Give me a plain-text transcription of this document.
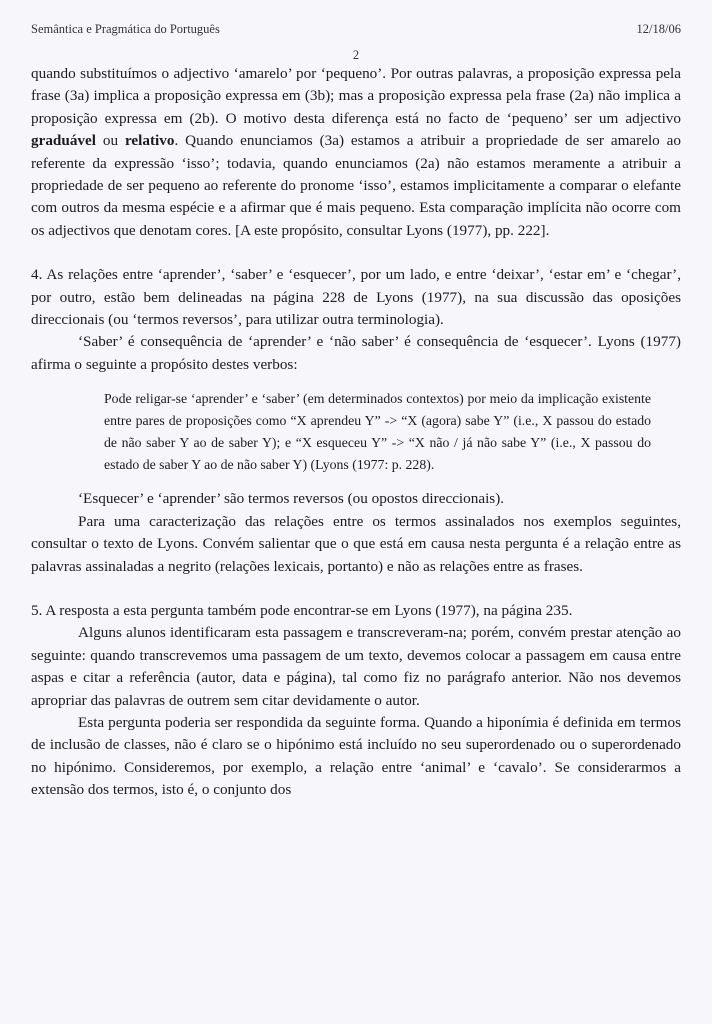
Semântica e Pragmática do Português	12/18/06
2

quando substituímos o adjectivo ‘amarelo’ por ‘pequeno’. Por outras palavras, a proposição expressa pela frase (3a) implica a proposição expressa em (3b); mas a proposição expressa pela frase (2a) não implica a proposição expressa em (2b). O motivo desta diferença está no facto de ‘pequeno’ ser um adjectivo graduável ou relativo. Quando enunciamos (3a) estamos a atribuir a propriedade de ser amarelo ao referente da expressão ‘isso’; todavia, quando enunciamos (2a) não estamos meramente a atribuir a propriedade de ser pequeno ao referente do pronome ‘isso’, estamos implicitamente a comparar o elefante com outros da mesma espécie e a afirmar que é mais pequeno. Esta comparação implícita não ocorre com os adjectivos que denotam cores. [A este propósito, consultar Lyons (1977), pp. 222].

4. As relações entre ‘aprender’, ‘saber’ e ‘esquecer’, por um lado, e entre ‘deixar’, ‘estar em’ e ‘chegar’, por outro, estão bem delineadas na página 228 de Lyons (1977), na sua discussão das oposições direccionais (ou ‘termos reversos’, para utilizar outra terminologia).

‘Saber’ é consequência de ‘aprender’ e ‘não saber’ é consequência de ‘esquecer’. Lyons (1977) afirma o seguinte a propósito destes verbos:

Pode religar-se ‘aprender’ e ‘saber’ (em determinados contextos) por meio da implicação existente entre pares de proposições como “X aprendeu Y” -> “X (agora) sabe Y” (i.e., X passou do estado de não saber Y ao de saber Y); e “X esqueceu Y” -> “X não / já não sabe Y” (i.e., X passou do estado de saber Y ao de não saber Y) (Lyons (1977: p. 228).

‘Esquecer’ e ‘aprender’ são termos reversos (ou opostos direccionais).

Para uma caracterização das relações entre os termos assinalados nos exemplos seguintes, consultar o texto de Lyons. Convém salientar que o que está em causa nesta pergunta é a relação entre as palavras assinaladas a negrito (relações lexicais, portanto) e não as relações entre as frases.

5. A resposta a esta pergunta também pode encontrar-se em Lyons (1977), na página 235.

Alguns alunos identificaram esta passagem e transcreveram-na; porém, convém prestar atenção ao seguinte: quando transcrevemos uma passagem de um texto, devemos colocar a passagem em causa entre aspas e citar a referência (autor, data e página), tal como fiz no parágrafo anterior. Não nos devemos apropriar das palavras de outrem sem citar devidamente o autor.

Esta pergunta poderia ser respondida da seguinte forma. Quando a hiponímia é definida em termos de inclusão de classes, não é claro se o hipónimo está incluído no seu superordenado ou o superordenado no hipónimo. Consideremos, por exemplo, a relação entre ‘animal’ e ‘cavalo’. Se considerarmos a extensão dos termos, isto é, o conjunto dos
